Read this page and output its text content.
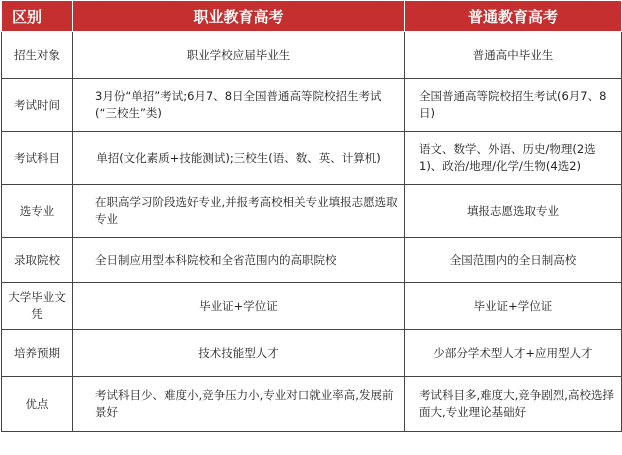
区别	职业教育高考	普通教育高考
招生对象	职业学校应届毕业生	普通高中毕业生
考试时间	3月份“单招”考试;6月7、8日全国普通高等院校招生考试(“三校生”类)	全国普通高等院校招生考试(6月7、8日)
考试科目	单招(文化素质+技能测试);三校生(语、数、英、计算机)	语文、数学、外语、历史/物理(2选1)、政治/地理/化学/生物(4选2)
选专业	在职高学习阶段选好专业,并报考高校相关专业填报志愿选取专业	填报志愿选取专业
录取院校	全日制应用型本科院校和全省范围内的高职院校	全国范围内的全日制高校
大学毕业文凭	毕业证+学位证	毕业证+学位证
培养预期	技术技能型人才	少部分学术型人才+应用型人才
优点	考试科目少、难度小,竞争压力小,专业对口就业率高,发展前景好	考试科目多,难度大,竞争剧烈,高校选择面大,专业理论基础好
